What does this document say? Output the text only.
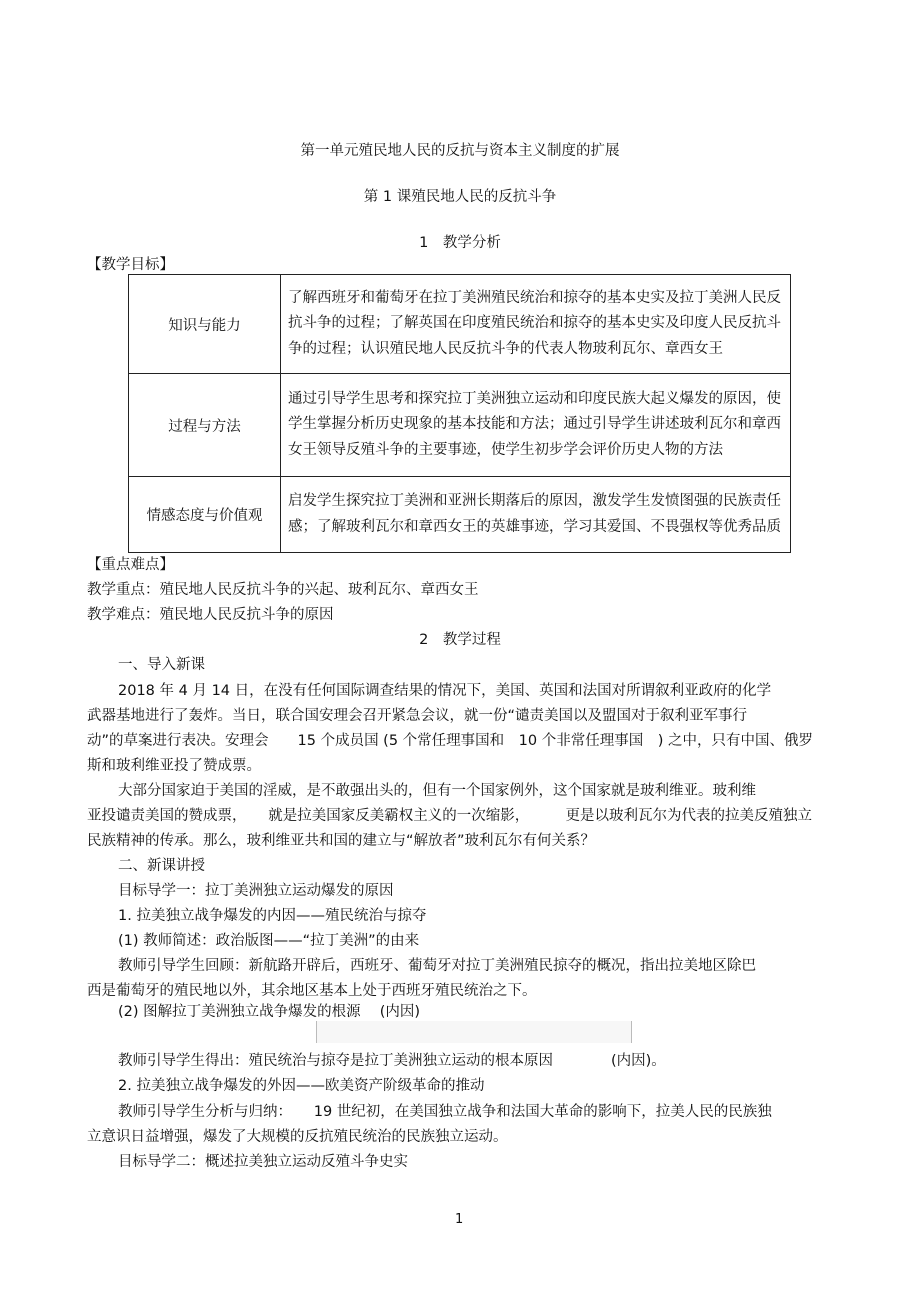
第一单元殖民地人民的反抗与资本主义制度的扩展
第 1 课殖民地人民的反抗斗争
1　教学分析
【教学目标】
知识与能力	了解西班牙和葡萄牙在拉丁美洲殖民统治和掠夺的基本史实及拉丁美洲人民反抗斗争的过程；了解英国在印度殖民统治和掠夺的基本史实及印度人民反抗斗争的过程；认识殖民地人民反抗斗争的代表人物玻利瓦尔、章西女王
过程与方法	通过引导学生思考和探究拉丁美洲独立运动和印度民族大起义爆发的原因，使学生掌握分析历史现象的基本技能和方法；通过引导学生讲述玻利瓦尔和章西女王领导反殖斗争的主要事迹，使学生初步学会评价历史人物的方法
情感态度与价值观	启发学生探究拉丁美洲和亚洲长期落后的原因，激发学生发愤图强的民族责任感；了解玻利瓦尔和章西女王的英雄事迹，学习其爱国、不畏强权等优秀品质
【重点难点】
教学重点：殖民地人民反抗斗争的兴起、玻利瓦尔、章西女王
教学难点：殖民地人民反抗斗争的原因
2　教学过程
一、导入新课
2018 年 4 月 14 日，在没有任何国际调查结果的情况下，美国、英国和法国对所谓叙利亚政府的化学
武器基地进行了轰炸。当日，联合国安理会召开紧急会议，就一份“谴责美国以及盟国对于叙利亚军事行
动”的草案进行表决。安理会　　15 个成员国 (5 个常任理事国和　10 个非常任理事国　) 之中，只有中国、俄罗
斯和玻利维亚投了赞成票。
大部分国家迫于美国的淫威，是不敢强出头的，但有一个国家例外，这个国家就是玻利维亚。玻利维
亚投谴责美国的赞成票，　　就是拉美国家反美霸权主义的一次缩影，　　　更是以玻利瓦尔为代表的拉美反殖独立
民族精神的传承。那么，玻利维亚共和国的建立与“解放者”玻利瓦尔有何关系？
二、新课讲授
目标导学一：拉丁美洲独立运动爆发的原因
1. 拉美独立战争爆发的内因——殖民统治与掠夺
(1) 教师简述：政治版图——“拉丁美洲”的由来
教师引导学生回顾：新航路开辟后，西班牙、葡萄牙对拉丁美洲殖民掠夺的概况，指出拉美地区除巴
西是葡萄牙的殖民地以外，其余地区基本上处于西班牙殖民统治之下。
(2) 图解拉丁美洲独立战争爆发的根源　 (内因)
教师引导学生得出：殖民统治与掠夺是拉丁美洲独立运动的根本原因　　　　(内因)。
2. 拉美独立战争爆发的外因——欧美资产阶级革命的推动
教师引导学生分析与归纳：　　19 世纪初，在美国独立战争和法国大革命的影响下，拉美人民的民族独
立意识日益增强，爆发了大规模的反抗殖民统治的民族独立运动。
目标导学二：概述拉美独立运动反殖斗争史实
1
